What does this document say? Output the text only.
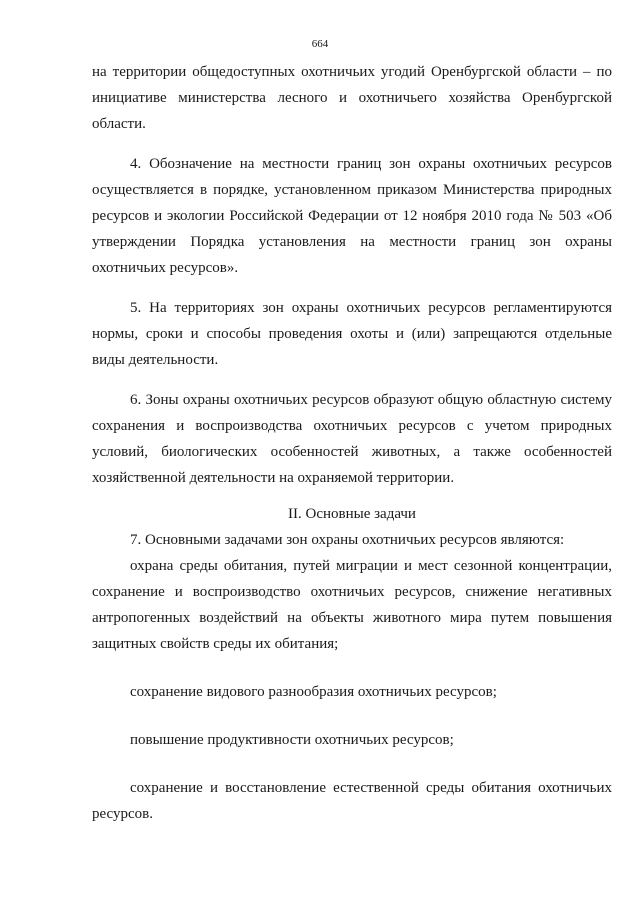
664

на территории общедоступных охотничьих угодий Оренбургской области – по инициативе министерства лесного и охотничьего хозяйства Оренбургской области.

4. Обозначение на местности границ зон охраны охотничьих ресурсов осуществляется в порядке, установленном приказом Министерства природных ресурсов и экологии Российской Федерации от 12 ноября 2010 года № 503 «Об утверждении Порядка установления на местности границ зон охраны охотничьих ресурсов».

5. На территориях зон охраны охотничьих ресурсов регламентируются нормы, сроки и способы проведения охоты и (или) запрещаются отдельные виды деятельности.

6. Зоны охраны охотничьих ресурсов образуют общую областную систему сохранения и воспроизводства охотничьих ресурсов с учетом природных условий, биологических особенностей животных, а также особенностей хозяйственной деятельности на охраняемой территории.

II. Основные задачи

7. Основными задачами зон охраны охотничьих ресурсов являются:

охрана среды обитания, путей миграции и мест сезонной концентрации, сохранение и воспроизводство охотничьих ресурсов, снижение негативных антропогенных воздействий на объекты животного мира путем повышения защитных свойств среды их обитания;

сохранение видового разнообразия охотничьих ресурсов;

повышение продуктивности охотничьих ресурсов;

сохранение и восстановление естественной среды обитания охотничьих ресурсов.
